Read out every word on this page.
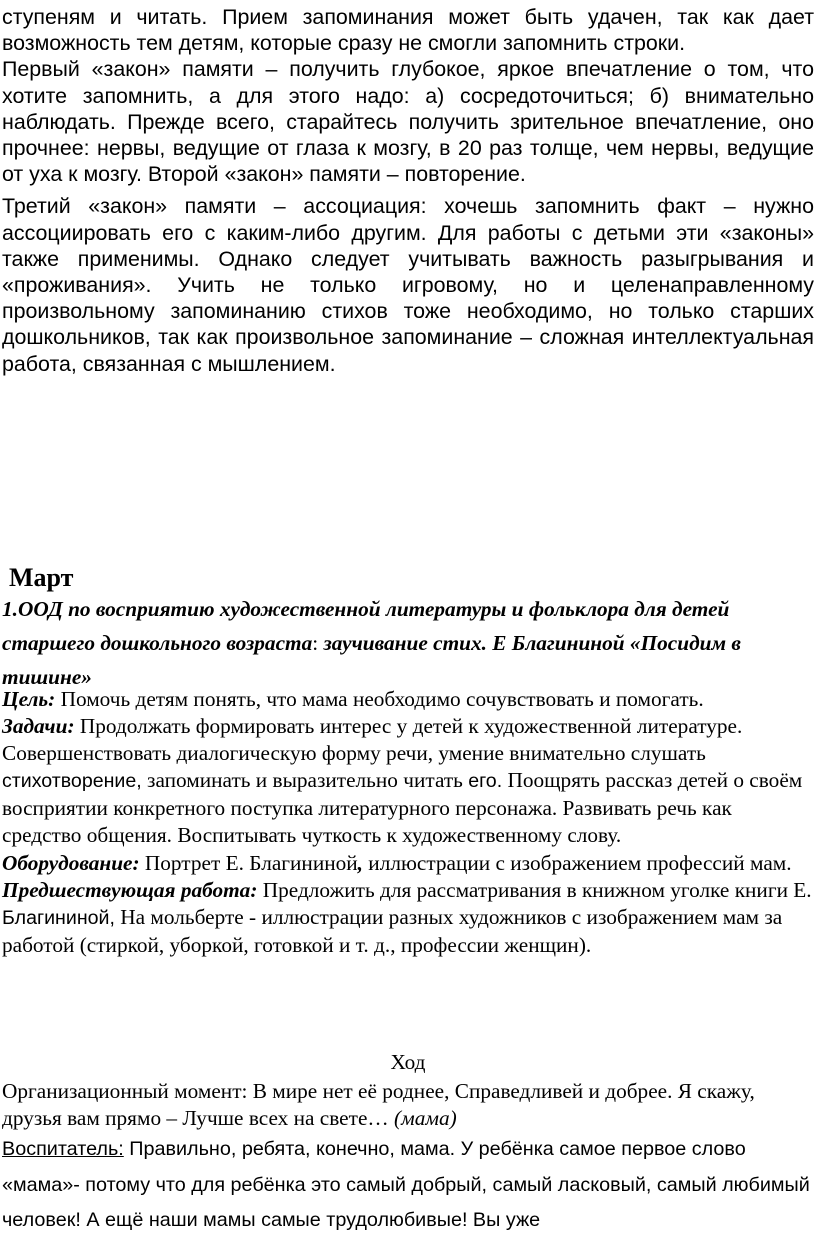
ступеням и читать. Прием запоминания может быть удачен, так как дает возможность тем детям, которые сразу не смогли запомнить строки.

Первый «закон» памяти – получить глубокое, яркое впечатление о том, что хотите запомнить, а для этого надо: а) сосредоточиться; б) внимательно наблюдать. Прежде всего, старайтесь получить зрительное впечатление, оно прочнее: нервы, ведущие от глаза к мозгу, в 20 раз толще, чем нервы, ведущие от уха к мозгу. Второй «закон» памяти – повторение.

Третий «закон» памяти – ассоциация: хочешь запомнить факт – нужно ассоциировать его с каким-либо другим. Для работы с детьми эти «законы» также применимы. Однако следует учитывать важность разыгрывания и «проживания». Учить не только игровому, но и целенаправленному произвольному запоминанию стихов тоже необходимо, но только старших дошкольников, так как произвольное запоминание – сложная интеллектуальная работа, связанная с мышлением.

Март

1.ООД по восприятию художественной литературы и фольклора для детей старшего дошкольного возраста: заучивание стих. Е Благининой «Посидим в тишине»

Цель: Помочь детям понять, что мама необходимо сочувствовать и помогать.

Задачи: Продолжать формировать интерес у детей к художественной литературе. Совершенствовать диалогическую форму речи, умение внимательно слушать стихотворение, запоминать и выразительно читать его. Поощрять рассказ детей о своём восприятии конкретного поступка литературного персонажа. Развивать речь как средство общения. Воспитывать чуткость к художественному слову.

Оборудование: Портрет Е. Благининой, иллюстрации с изображением профессий мам.

Предшествующая работа: Предложить для рассматривания в книжном уголке книги Е. Благининой, На мольберте - иллюстрации разных художников с изображением мам за работой (стиркой, уборкой, готовкой и т. д., профессии женщин).

Ход

Организационный момент: В мире нет её роднее, Справедливей и добрее. Я скажу, друзья вам прямо – Лучше всех на свете… (мама)

Воспитатель: Правильно, ребята, конечно, мама. У ребёнка самое первое слово «мама»- потому что для ребёнка это самый добрый, самый ласковый, самый любимый человек! А ещё наши мамы самые трудолюбивые! Вы уже
